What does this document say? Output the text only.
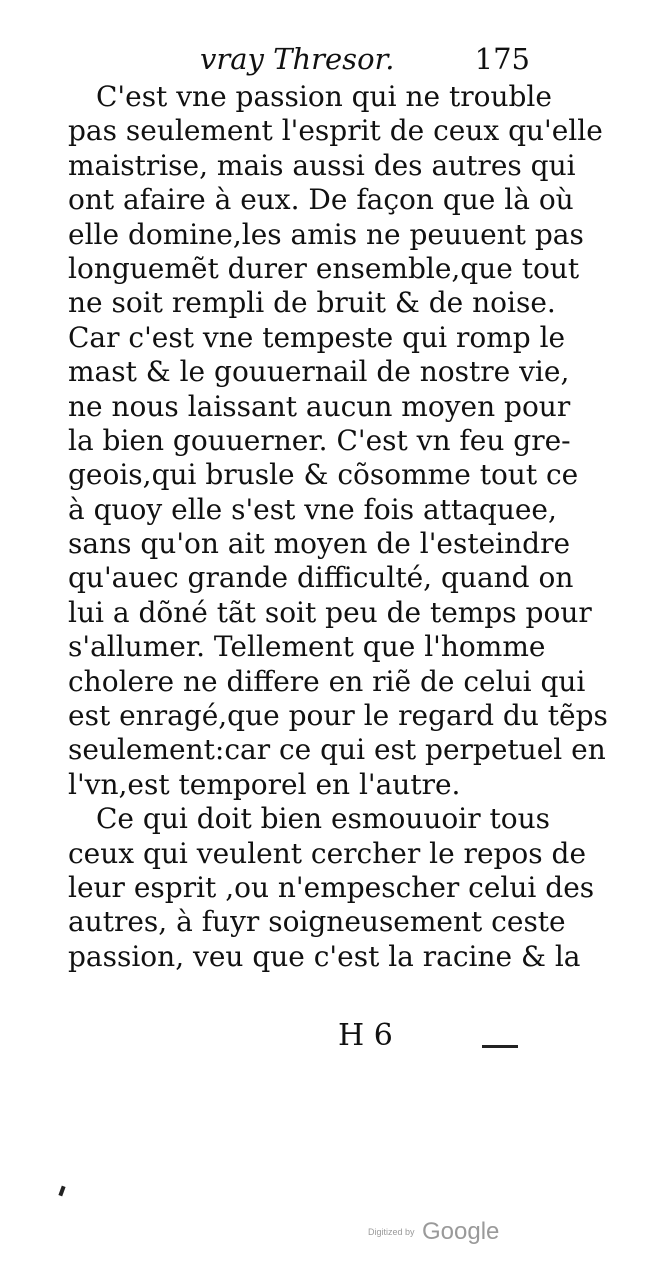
vray Thresor.	175
C'est vne passion qui ne trouble
pas seulement l'esprit de ceux qu'elle
maistrise, mais aussi des autres qui
ont afaire à eux. De façon que là où
elle domine,les amis ne peuuent pas
longuemẽt durer ensemble,que tout
ne soit rempli de bruit & de noise.
Car c'est vne tempeste qui romp le
mast & le gouuernail de nostre vie,
ne nous laissant aucun moyen pour
la bien gouuerner. C'est vn feu gre-
geois,qui brusle & cõsomme tout ce
à quoy elle s'est vne fois attaquee,
sans qu'on ait moyen de l'esteindre
qu'auec grande difficulté, quand on
lui a dõné tãt soit peu de temps pour
s'allumer. Tellement que l'homme
cholere ne differe en riẽ de celui qui
est enragé,que pour le regard du tẽps
seulement:car ce qui est perpetuel en
l'vn,est temporel en l'autre.
Ce qui doit bien esmouuoir tous
ceux qui veulent cercher le repos de
leur esprit ,ou n'empescher celui des
autres, à fuyr soigneusement ceste
passion, veu que c'est la racine & la
H 6
Digitized by Google
